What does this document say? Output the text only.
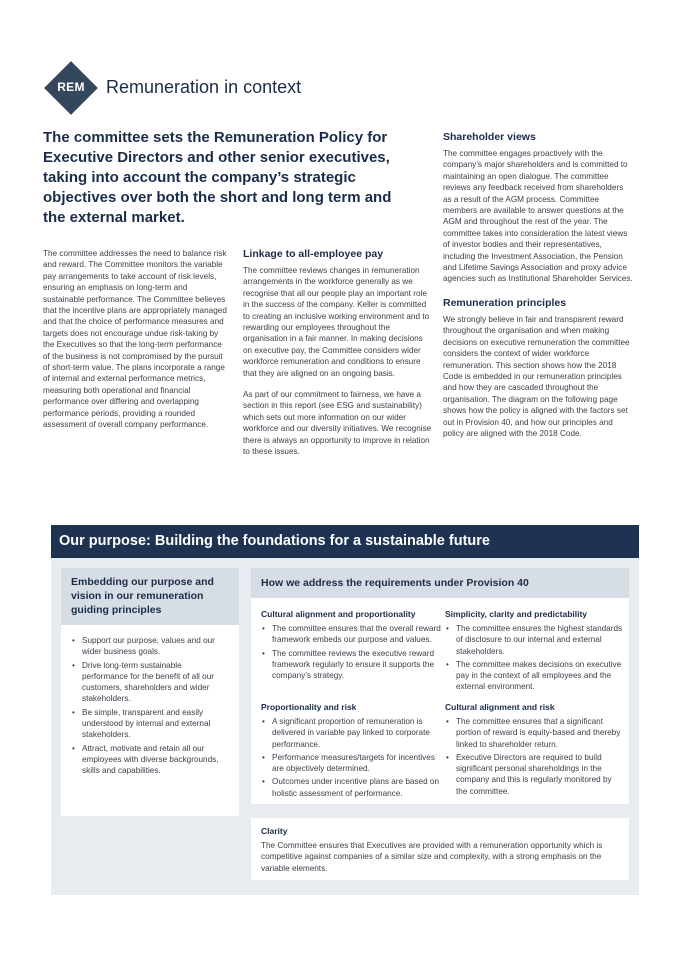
REM	Remuneration in context
The committee sets the Remuneration Policy for Executive Directors and other senior executives, taking into account the company’s strategic objectives over both the short and long term and the external market.
The committee addresses the need to balance risk and reward. The Committee monitors the variable pay arrangements to take account of risk levels, ensuring an emphasis on long-term and sustainable performance. The Committee believes that the incentive plans are appropriately managed and that the choice of performance measures and targets does not encourage undue risk-taking by the Executives so that the long-term performance of the business is not compromised by the pursuit of short-term value. The plans incorporate a range of internal and external performance metrics, measuring both operational and financial performance over differing and overlapping performance periods, providing a rounded assessment of overall company performance.
Linkage to all-employee pay

The committee reviews changes in remuneration arrangements in the workforce generally as we recognise that all our people play an important role in the success of the company. Keller is committed to creating an inclusive working environment and to rewarding our employees throughout the organisation in a fair manner. In making decisions on executive pay, the Committee considers wider workforce remuneration and conditions to ensure that they are aligned on an ongoing basis.

As part of our commitment to fairness, we have a section in this report (see ESG and sustainability) which sets out more information on our wider workforce and our diversity initiatives. We recognise there is always an opportunity to improve in relation to these issues.

Shareholder views

The committee engages proactively with the company’s major shareholders and is committed to maintaining an open dialogue. The committee reviews any feedback received from shareholders as a result of the AGM process. Committee members are available to answer questions at the AGM and throughout the rest of the year. The committee takes into consideration the latest views of investor bodies and their representatives, including the Investment Association, the Pension and Lifetime Savings Association and proxy advice agencies such as Institutional Shareholder Services.

Remuneration principles

We strongly believe in fair and transparent reward throughout the organisation and when making decisions on executive remuneration the committee considers the context of wider workforce remuneration. This section shows how the 2018 Code is embedded in our remuneration principles and how they are cascaded throughout the organisation. The diagram on the following page shows how the policy is aligned with the factors set out in Provision 40, and how our principles and policy are aligned with the 2018 Code.

Our purpose: Building the foundations for a sustainable future
Embedding our purpose and vision in our remuneration guiding principles
• Support our purpose, values and our wider business goals.
• Drive long-term sustainable performance for the benefit of all our customers, shareholders and wider stakeholders.
• Be simple, transparent and easily understood by internal and external stakeholders.
• Attract, motivate and retain all our employees with diverse backgrounds, skills and capabilities.
How we address the requirements under Provision 40
Cultural alignment and proportionality
• The committee ensures that the overall reward framework embeds our purpose and values.
• The committee reviews the executive reward framework regularly to ensure it supports the company’s strategy.
Simplicity, clarity and predictability
• The committee ensures the highest standards of disclosure to our internal and external stakeholders.
• The committee makes decisions on executive pay in the context of all employees and the external environment.
Proportionality and risk
• A significant proportion of remuneration is delivered in variable pay linked to corporate performance.
• Performance measures/targets for incentives are objectively determined.
• Outcomes under incentive plans are based on holistic assessment of performance.
Cultural alignment and risk
• The committee ensures that a significant portion of reward is equity-based and thereby linked to shareholder return.
• Executive Directors are required to build significant personal shareholdings in the company and this is regularly monitored by the committee.
Clarity

The Committee ensures that Executives are provided with a remuneration opportunity which is competitive against companies of a similar size and complexity, with a strong emphasis on the variable elements.
